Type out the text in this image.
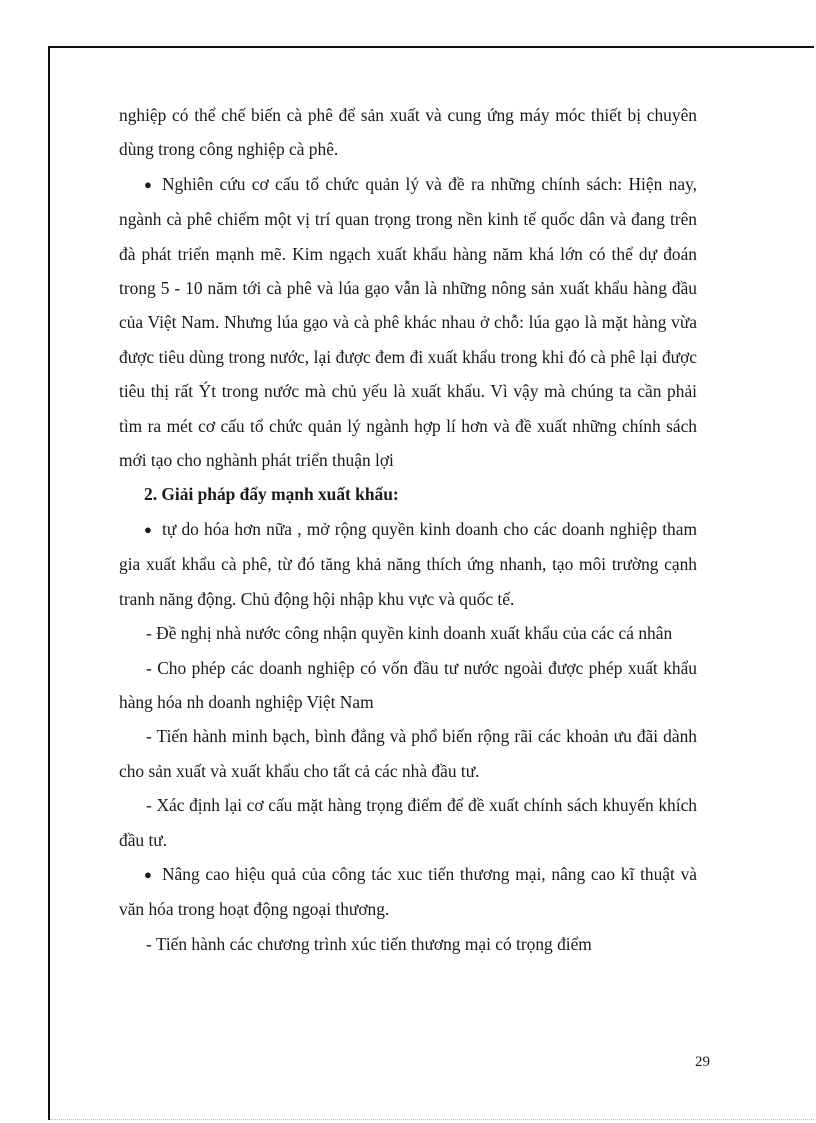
nghiệp có thể chế biến cà phê để sản xuất và cung ứng máy móc thiết bị chuyên dùng trong công nghiệp cà phê.

● Nghiên cứu cơ cấu tổ chức quản lý và đề ra những chính sách: Hiện nay, ngành cà phê chiếm một vị trí quan trọng trong nền kinh tế quốc dân và đang trên đà phát triển mạnh mẽ. Kim ngạch xuất khẩu hàng năm khá lớn có thể dự đoán trong 5 - 10 năm tới cà phê và lúa gạo vẫn là những nông sản xuất khẩu hàng đầu của Việt Nam. Nhưng lúa gạo và cà phê khác nhau ở chỗ: lúa gạo là mặt hàng vừa được tiêu dùng trong nước, lại được đem đi xuất khẩu trong khi đó cà phê lại được tiêu thị rất Ýt trong nước mà chủ yếu là xuất khẩu. Vì vậy mà chúng ta cần phải tìm ra mét cơ cấu tổ chức quản lý ngành hợp lí hơn và đề xuất những chính sách mới tạo cho nghành phát triển thuận lợi

2. Giải pháp đẩy mạnh xuất khẩu:

● tự do hóa hơn nữa , mở rộng quyền kinh doanh cho các doanh nghiệp tham gia xuất khẩu cà phê, từ đó tăng khả năng thích ứng nhanh, tạo môi trường cạnh tranh năng động. Chủ động hội nhập khu vực và quốc tế.

- Đề nghị nhà nước công nhận quyền kinh doanh xuất khẩu của các cá nhân

- Cho phép các doanh nghiệp có vốn đầu tư nước ngoài được phép xuất khẩu hàng hóa nh doanh nghiệp Việt Nam

- Tiến hành minh bạch, bình đẳng và phổ biến rộng rãi các khoản ưu đãi dành cho sản xuất và xuất khẩu cho tất cả các nhà đầu tư.

- Xác định lại cơ cấu mặt hàng trọng điểm để đề xuất chính sách khuyến khích đầu tư.

● Nâng cao hiệu quả của công tác xuc tiến thương mại, nâng cao kĩ thuật và văn hóa trong hoạt động ngoại thương.

- Tiến hành các chương trình xúc tiến thương mại có trọng điểm

29
